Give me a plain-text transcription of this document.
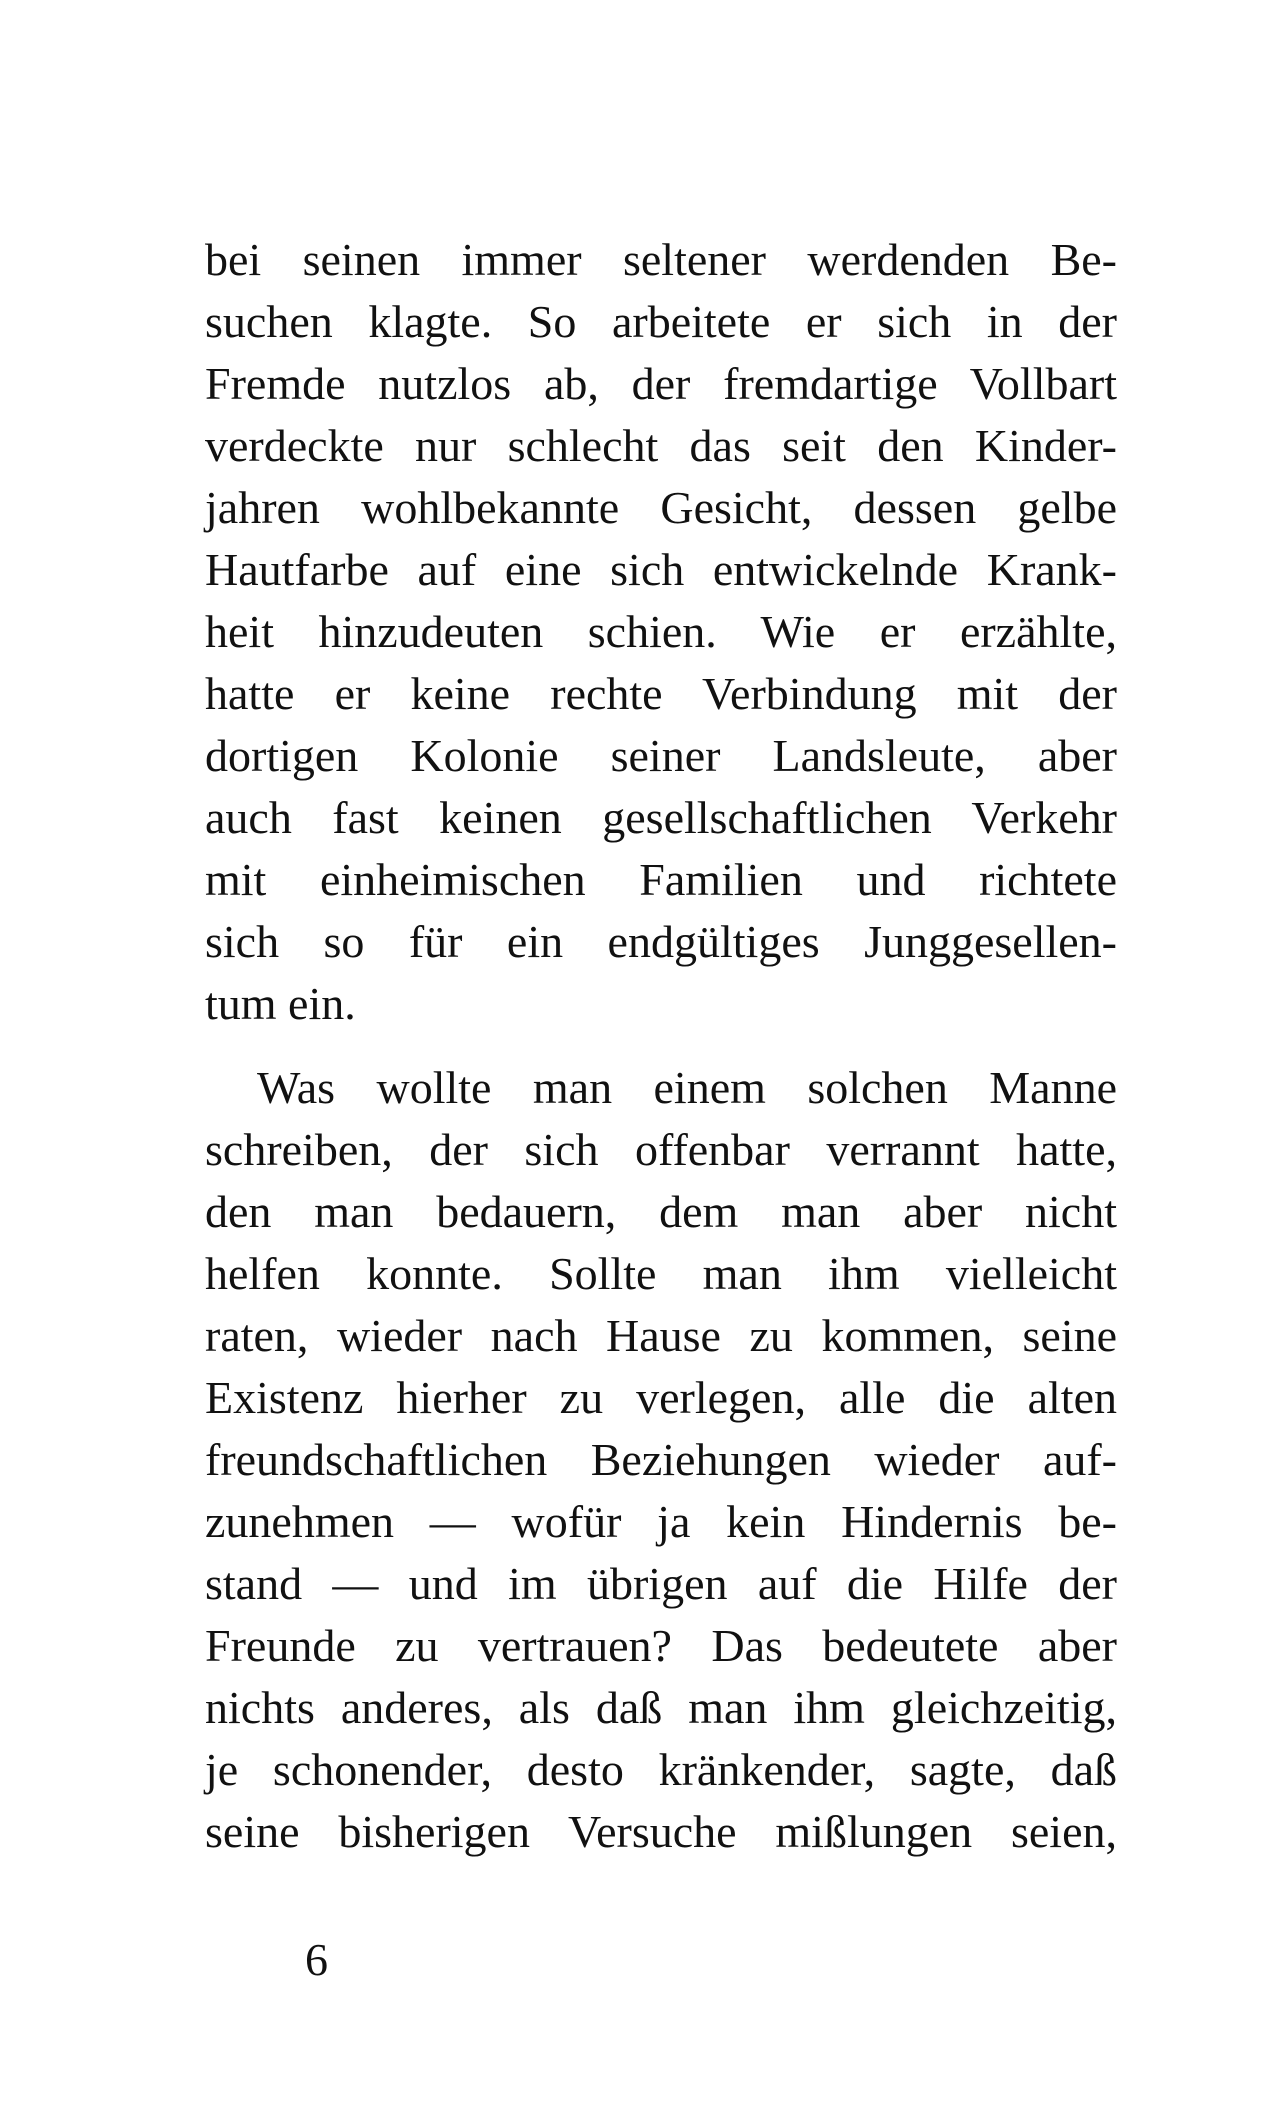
bei seinen immer seltener werdenden Be-
suchen klagte. So arbeitete er sich in der
Fremde nutzlos ab, der fremdartige Vollbart
verdeckte nur schlecht das seit den Kinder-
jahren wohlbekannte Gesicht, dessen gelbe
Hautfarbe auf eine sich entwickelnde Krank-
heit hinzudeuten schien. Wie er erzählte,
hatte er keine rechte Verbindung mit der
dortigen Kolonie seiner Landsleute, aber
auch fast keinen gesellschaftlichen Verkehr
mit einheimischen Familien und richtete
sich so für ein endgültiges Junggesellen-
tum ein.
Was wollte man einem solchen Manne
schreiben, der sich offenbar verrannt hatte,
den man bedauern, dem man aber nicht
helfen konnte. Sollte man ihm vielleicht
raten, wieder nach Hause zu kommen, seine
Existenz hierher zu verlegen, alle die alten
freundschaftlichen Beziehungen wieder auf-
zunehmen — wofür ja kein Hindernis be-
stand — und im übrigen auf die Hilfe der
Freunde zu vertrauen? Das bedeutete aber
nichts anderes, als daß man ihm gleichzeitig,
je schonender, desto kränkender, sagte, daß
seine bisherigen Versuche mißlungen seien,
6
